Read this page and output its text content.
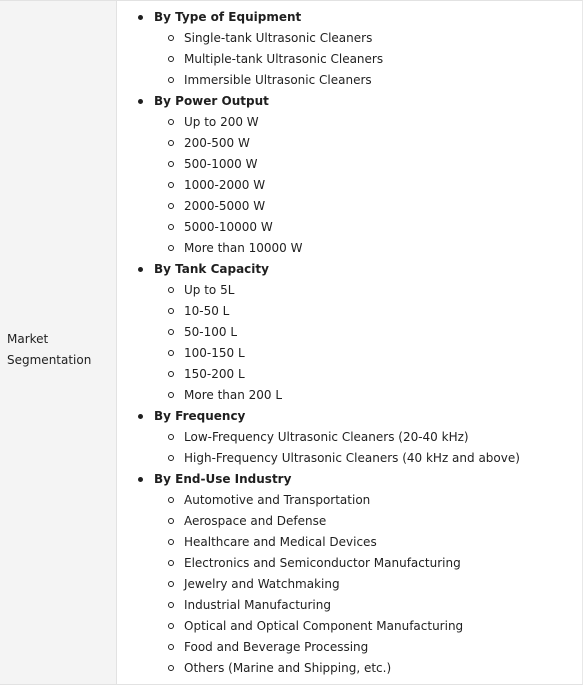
Market
Segmentation
By Type of Equipment
Single-tank Ultrasonic Cleaners
Multiple-tank Ultrasonic Cleaners
Immersible Ultrasonic Cleaners
By Power Output
Up to 200 W
200-500 W
500-1000 W
1000-2000 W
2000-5000 W
5000-10000 W
More than 10000 W
By Tank Capacity
Up to 5L
10-50 L
50-100 L
100-150 L
150-200 L
More than 200 L
By Frequency
Low-Frequency Ultrasonic Cleaners (20-40 kHz)
High-Frequency Ultrasonic Cleaners (40 kHz and above)
By End-Use Industry
Automotive and Transportation
Aerospace and Defense
Healthcare and Medical Devices
Electronics and Semiconductor Manufacturing
Jewelry and Watchmaking
Industrial Manufacturing
Optical and Optical Component Manufacturing
Food and Beverage Processing
Others (Marine and Shipping, etc.)
